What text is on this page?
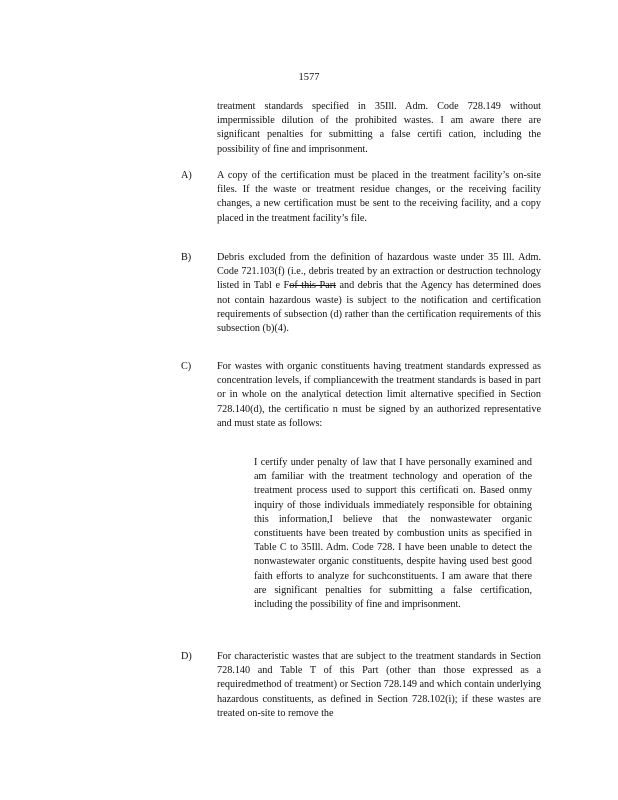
1577
treatment standards specified in 35Ill. Adm. Code 728.149 without impermissible dilution of the prohibited wastes. I am aware there are significant penalties for submitting a false certifi cation, including the possibility of fine and imprisonment.
A) A copy of the certification must be placed in the treatment facility’s on-site files. If the waste or treatment residue changes, or the receiving facility changes, a new certification must be sent to the receiving facility, and a copy placed in the treatment facility’s file.
B)	Debris excluded from the definition of hazardous waste under 35 Ill. Adm. Code 721.103(f) (i.e., debris treated by an extraction or destruction technology listed in Tabl e Fof this Part and debris that the Agency has determined does not contain hazardous waste) is subject to the notification and certification requirements of subsection (d) rather than the certification requirements of this subsection (b)(4).
C)	For wastes with organic constituents having treatment standards expressed as concentration levels, if compliancewith the treatment standards is based in part or in whole on the analytical detection limit alternative specified in Section 728.140(d), the certificatio n must be signed by an authorized representative and must state as follows:
I certify under penalty of law that I have personally examined and am familiar with the treatment technology and operation of the treatment process used to support this certificati on. Based onmy inquiry of those individuals immediately responsible for obtaining this information,I believe that the nonwastewater organic constituents have been treated by combustion units as specified in Table C to 35Ill. Adm. Code 728. I have been unable to detect the nonwastewater organic constituents, despite having used best good faith efforts to analyze for suchconstituents. I am aware that there are significant penalties for submitting a false certification, including the possibility of fine and imprisonment.
D) For characteristic wastes that are subject to the treatment standards in Section 728.140 and Table T of this Part (other than those expressed as a requiredmethod of treatment) or Section 728.149 and which contain underlying hazardous constituents, as defined in Section 728.102(i); if these wastes are treated on-site to remove the
